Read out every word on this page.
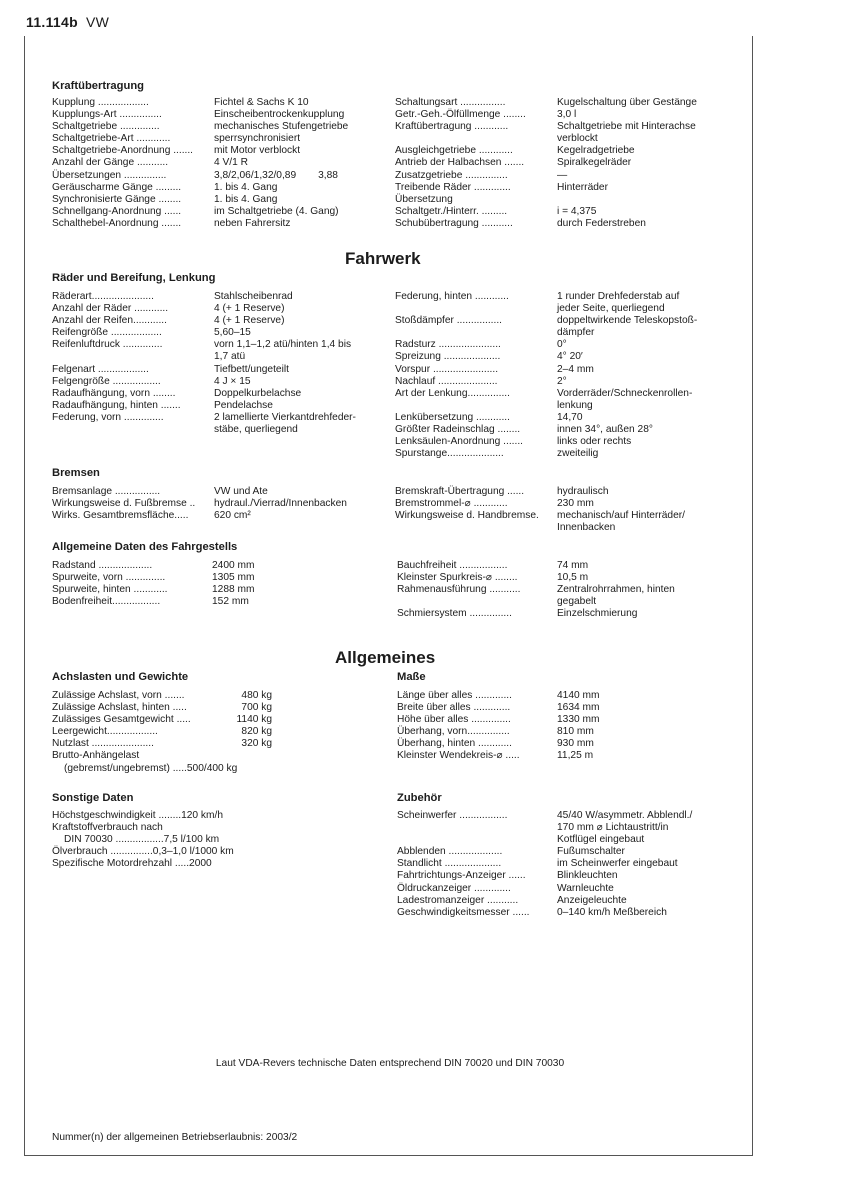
11.114b VW
Kraftübertragung
Kupplung ..................	Fichtel & Sachs K 10
Kupplungs-Art ...............	Einscheibentrockenkupplung
Schaltgetriebe ..............	mechanisches Stufengetriebe
Schaltgetriebe-Art ............	sperrsynchronisiert
Schaltgetriebe-Anordnung ....... mit Motor verblockt
Anzahl der Gänge ...........	4 V/1 R
Übersetzungen ...............	3,8/2,06/1,32/0,89 3,88
Geräuscharme Gänge .........	1. bis 4. Gang
Synchronisierte Gänge ........	1. bis 4. Gang
Schnellgang-Anordnung ......	im Schaltgetriebe (4. Gang)
Schalthebel-Anordnung .......	neben Fahrersitz
Schaltungsart ................	Kugelschaltung über Gestänge
Getr.-Geh.-Ölfüllmenge ........	3,0 l
Kraftübertragung ............	Schaltgetriebe mit Hinterachse
verblockt
Ausgleichgetriebe ............	Kegelradgetriebe
Antrieb der Halbachsen .......	Spiralkegelräder
Zusatzgetriebe ...............	—
Treibende Räder .............	Hinterräder
Übersetzung
Schaltgetr./Hinterr. .........	i = 4,375
Schubübertragung ...........	durch Federstreben
Fahrwerk
Räder und Bereifung, Lenkung
Räderart......................	Stahlscheibenrad
Anzahl der Räder ............	4 (+ 1 Reserve)
Anzahl der Reifen............	4 (+ 1 Reserve)
Reifengröße ..................	5,60–15
Reifenluftdruck ..............	vorn 1,1–1,2 atü/hinten 1,4 bis
1,7 atü
Felgenart ..................	Tiefbett/ungeteilt
Felgengröße .................	4 J × 15
Radaufhängung, vorn ........	Doppelkurbelachse
Radaufhängung, hinten .......	Pendelachse
Federung, vorn ..............	2 lamellierte Vierkantdrehfeder-
stäbe, querliegend
Federung, hinten ............	1 runder Drehfederstab auf
jeder Seite, querliegend
Stoßdämpfer ................	doppeltwirkende Teleskopstoß-
dämpfer
Radsturz ......................	0°
Spreizung ....................	4° 20′
Vorspur .......................	2–4 mm
Nachlauf .....................	2°
Art der Lenkung...............	Vorderräder/Schneckenrollen-
lenkung
Lenkübersetzung ............	14,70
Größter Radeinschlag ........	innen 34°, außen 28°
Lenksäulen-Anordnung .......	links oder rechts
Spurstange....................	zweiteilig
Bremsen
Bremsanlage ................	VW und Ate
Wirkungsweise d. Fußbremse .. hydraul./Vierrad/Innenbacken
Wirks. Gesamtbremsfläche.....	620 cm²
Bremskraft-Übertragung ......	hydraulisch
Bremstrommel-⌀ ............	230 mm
Wirkungsweise d. Handbremse. mechanisch/auf Hinterräder/
Innenbacken
Allgemeine Daten des Fahrgestells
Radstand ...................	2400 mm
Spurweite, vorn ..............	1305 mm
Spurweite, hinten ............	1288 mm
Bodenfreiheit.................	152 mm
Bauchfreiheit .................	74 mm
Kleinster Spurkreis-⌀ ........	10,5 m
Rahmenausführung ...........	Zentralrohrrahmen, hinten
gegabelt
Schmiersystem ...............	Einzelschmierung
Allgemeines
Achslasten und Gewichte
Zulässige Achslast, vorn .......	480 kg
Zulässige Achslast, hinten .....	700 kg
Zulässiges Gesamtgewicht .....	1140 kg
Leergewicht..................	820 kg
Nutzlast ......................	320 kg
Brutto-Anhängelast
(gebremst/ungebremst) .....500/400 kg
Maße
Länge über alles .............	4140 mm
Breite über alles .............	1634 mm
Höhe über alles ..............	1330 mm
Überhang, vorn...............	810 mm
Überhang, hinten ............	930 mm
Kleinster Wendekreis-⌀ .....	11,25 m
Sonstige Daten
Höchstgeschwindigkeit ........120 km/h
Kraftstoffverbrauch nach
DIN 70030 .................7,5 l/100 km
Ölverbrauch ...............0,3–1,0 l/1000 km
Spezifische Motordrehzahl .....2000
Zubehör
Scheinwerfer .................	45/40 W/asymmetr. Abblendl./
170 mm ⌀ Lichtaustritt/in
Kotflügel eingebaut
Abblenden ...................	Fußumschalter
Standlicht ....................	im Scheinwerfer eingebaut
Fahrtrichtungs-Anzeiger ......	Blinkleuchten
Öldruckanzeiger .............	Warnleuchte
Ladestromanzeiger ...........	Anzeigeleuchte
Geschwindigkeitsmesser ......	0–140 km/h Meßbereich
Laut VDA-Revers technische Daten entsprechend DIN 70020 und DIN 70030
Nummer(n) der allgemeinen Betriebserlaubnis: 2003/2
